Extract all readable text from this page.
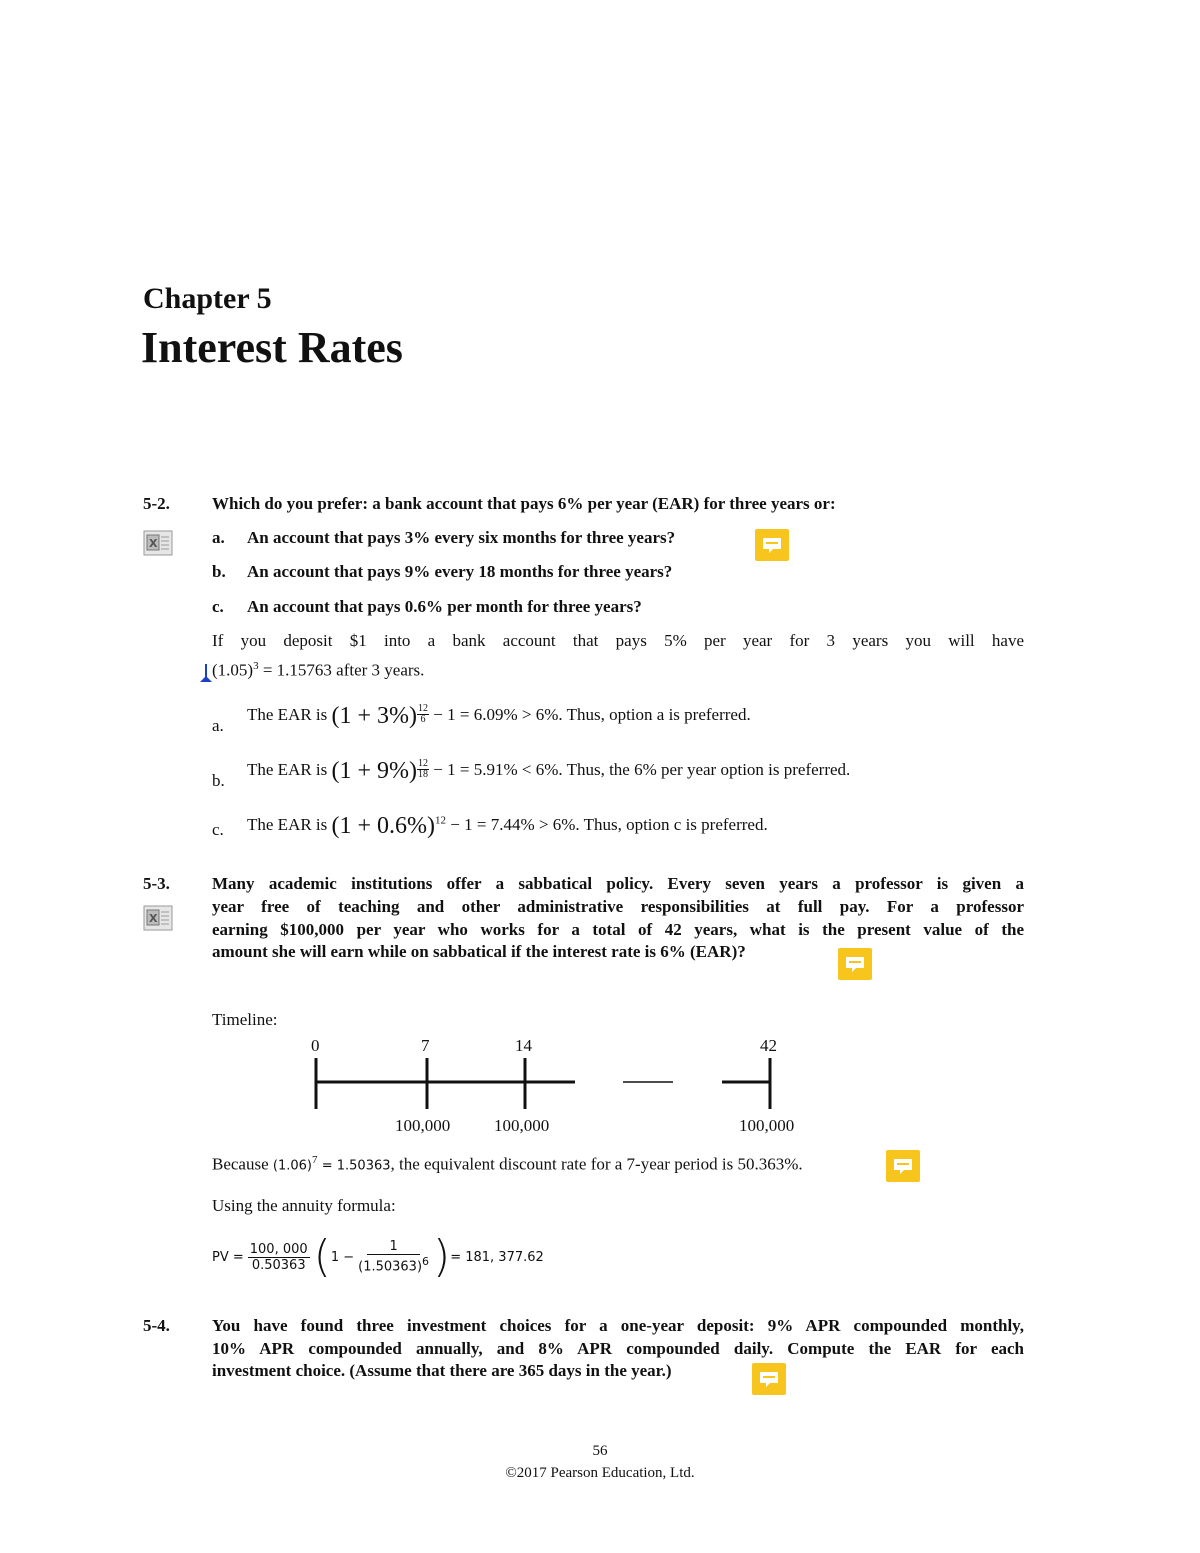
Chapter 5
Interest Rates
5-2. Which do you prefer: a bank account that pays 6% per year (EAR) for three years or:
X	a. An account that pays 3% every six months for three years?
b. An account that pays 9% every 18 months for three years?
c. An account that pays 0.6% per month for three years?
If you deposit $1 into a bank account that pays 5% per year for 3 years you will have
$(1.05)^3 = 1.15763$ after 3 years.
a.
The EAR is $(1 + 3\%) \frac{12}{6} - 1 = 6.09\% > 6\%$. Thus, option a is preferred.
b.
The EAR is $(1 + 9\%) \frac{12}{18} - 1 = 5.91\% < 6\%$. Thus, the 6% per year option is preferred.
c. The EAR is $(1 + 0.6\%)^{12} - 1 = 7.44\% > 6\%$. Thus, option c is preferred.
5-3.
X
Many academic institutions offer a sabbatical policy. Every seven years a professor is given a
year free of teaching and other administrative responsibilities at full pay. For a professor
earning $100,000 per year who works for a total of 42 years, what is the present value of the
amount she will earn while on sabbatical if the interest rate is 6% (EAR)?
Timeline:
0	7	14	42
100,000	100,000	100,000
Because $(1.06)^7 = 1.50363$, the equivalent discount rate for a 7-year period is 50.363%.
Using the annuity formula:
PV = $\frac{100, 000}{0.50363}$ ( $1 - \frac{1}{(1.50363)^6}$ ) = 181, 377.62
5-4. You have found three investment choices for a one-year deposit: 9% APR compounded monthly,
10% APR compounded annually, and 8% APR compounded daily. Compute the EAR for each
investment choice. (Assume that there are 365 days in the year.)
56
©2017 Pearson Education, Ltd.
